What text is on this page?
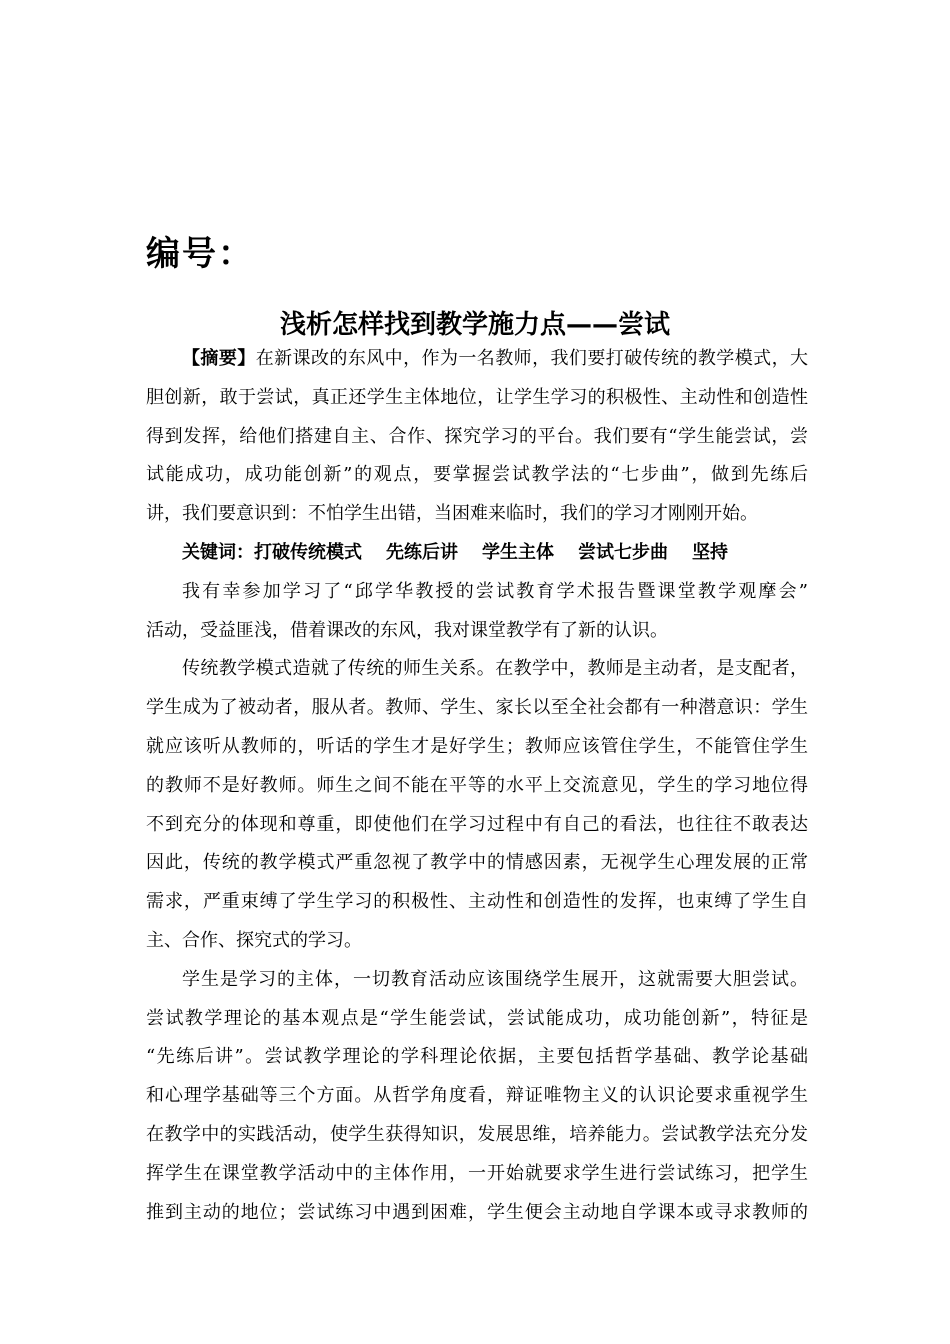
编号：
浅析怎样找到教学施力点——尝试
【摘要】在新课改的东风中，作为一名教师，我们要打破传统的教学模式，大
胆创新，敢于尝试，真正还学生主体地位，让学生学习的积极性、主动性和创造性
得到发挥，给他们搭建自主、合作、探究学习的平台。我们要有“学生能尝试，尝
试能成功，成功能创新”的观点，要掌握尝试教学法的“七步曲”，做到先练后
讲，我们要意识到：不怕学生出错，当困难来临时，我们的学习才刚刚开始。
关键词：打破传统模式 先练后讲 学生主体 尝试七步曲 坚持
我有幸参加学习了“邱学华教授的尝试教育学术报告暨课堂教学观摩会”
活动，受益匪浅，借着课改的东风，我对课堂教学有了新的认识。
传统教学模式造就了传统的师生关系。在教学中，教师是主动者，是支配者，
学生成为了被动者，服从者。教师、学生、家长以至全社会都有一种潜意识：学生
就应该听从教师的，听话的学生才是好学生；教师应该管住学生，不能管住学生
的教师不是好教师。师生之间不能在平等的水平上交流意见，学生的学习地位得
不到充分的体现和尊重，即使他们在学习过程中有自己的看法，也往往不敢表达
因此，传统的教学模式严重忽视了教学中的情感因素，无视学生心理发展的正常
需求，严重束缚了学生学习的积极性、主动性和创造性的发挥，也束缚了学生自
主、合作、探究式的学习。
学生是学习的主体，一切教育活动应该围绕学生展开，这就需要大胆尝试。
尝试教学理论的基本观点是“学生能尝试，尝试能成功，成功能创新”，特征是
“先练后讲”。尝试教学理论的学科理论依据，主要包括哲学基础、教学论基础
和心理学基础等三个方面。从哲学角度看，辩证唯物主义的认识论要求重视学生
在教学中的实践活动，使学生获得知识，发展思维，培养能力。尝试教学法充分发
挥学生在课堂教学活动中的主体作用，一开始就要求学生进行尝试练习，把学生
推到主动的地位；尝试练习中遇到困难，学生便会主动地自学课本或寻求教师的
